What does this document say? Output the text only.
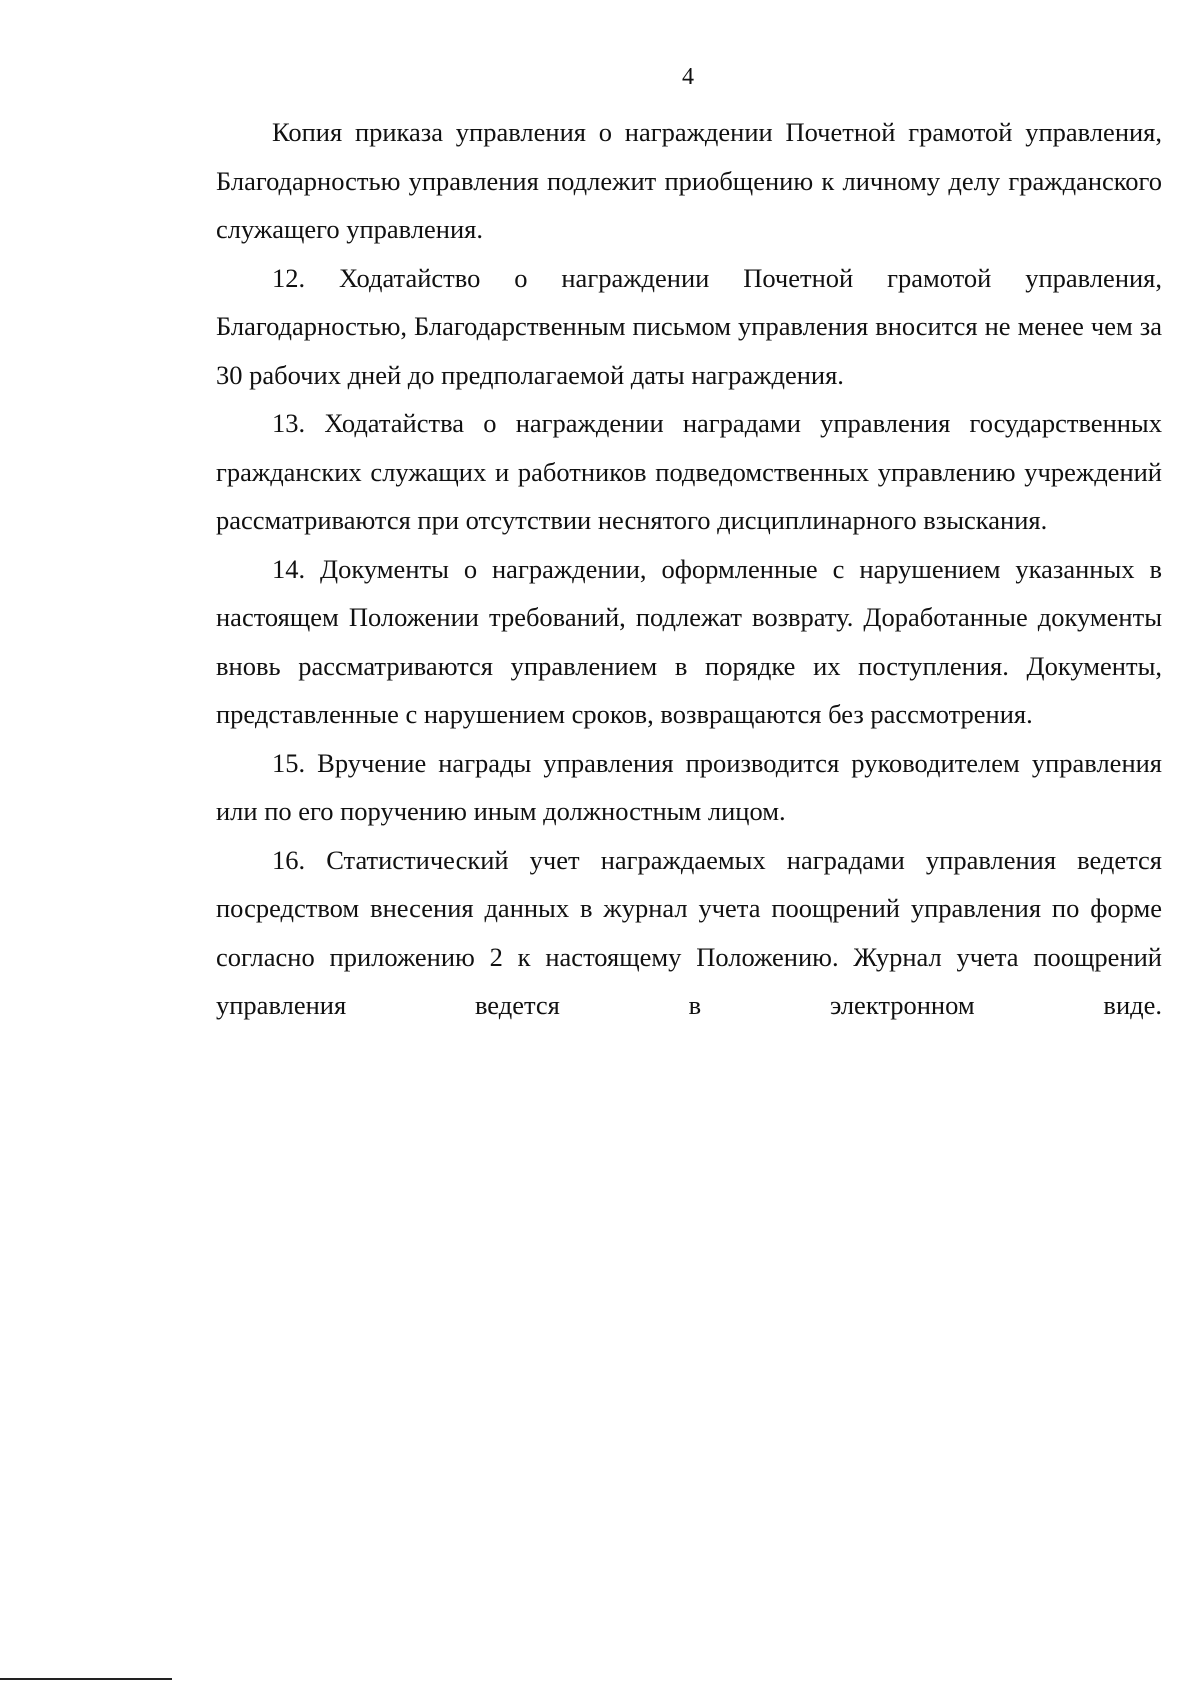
4

Копия приказа управления о награждении Почетной грамотой управления, Благодарностью управления подлежит приобщению к личному делу гражданского служащего управления.

12. Ходатайство о награждении Почетной грамотой управления, Благодарностью, Благодарственным письмом управления вносится не менее чем за 30 рабочих дней до предполагаемой даты награждения.

13. Ходатайства о награждении наградами управления государственных гражданских служащих и работников подведомственных управлению учреждений рассматриваются при отсутствии неснятого дисциплинарного взыскания.

14. Документы о награждении, оформленные с нарушением указанных в настоящем Положении требований, подлежат возврату. Доработанные документы вновь рассматриваются управлением в порядке их поступления. Документы, представленные с нарушением сроков, возвращаются без рассмотрения.

15. Вручение награды управления производится руководителем управления или по его поручению иным должностным лицом.

16. Статистический учет награждаемых наградами управления ведется посредством внесения данных в журнал учета поощрений управления по форме согласно приложению 2 к настоящему Положению. Журнал учета поощрений управления ведется в электронном виде.
